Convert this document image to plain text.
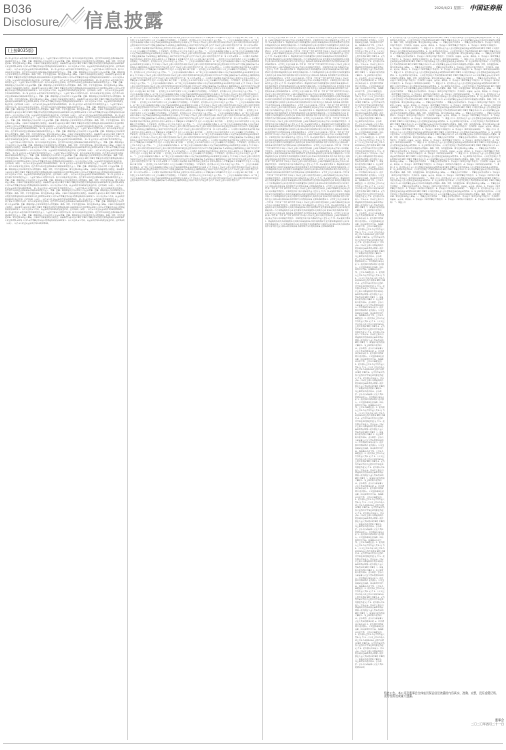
B036
Disclosure 信息披露
2020/4/21 星期二 中国证券报
(上接B035版)
第一节 重要提示 本报告摘要来自年度报告全文，为全面了解本公司的经营成果、财务状况及未来发展规划，投资者应当到证监会指定媒体仔细阅读年度报告全文。董事、监事、高级管理人员异议声明 公司全体董事、监事、高级管理人员保证年度报告内容的真实、准确、完整，不存在虚假记载、误导性陈述或重大遗漏，并承担个别和连带的法律责任。非标准审计意见提示 适用 不适用 董事会审议的报告期普通股利润分配预案或公积金转增股本预案 公司经本次董事会审议通过的普通股利润分配预案为：以公司总股本为基数，向全体股东每10股派发现金红利，送红股0股（含税），以资本公积金向全体股东每10股转增0股。 第一节 重要提示 本报告摘要来自年度报告全文，为全面了解本公司的经营成果、财务状况及未来发展规划，投资者应当到证监会指定媒体仔细阅读年度报告全文。董事、监事、高级管理人员异议声明 公司全体董事、监事、高级管理人员保证年度报告内容的真实、准确、完整，不存在虚假记载、误导性陈述或重大遗漏，并承担个别和连带的法律责任。非标准审计意见提示 适用 不适用 董事会审议的报告期普通股利润分配预案或公积金转增股本预案 公司经本次董事会审议通过的普通股利润分配预案为：以公司总股本为基数，向全体股东每10股派发现金红利，送红股0股（含税），以资本公积金向全体股东每10股转增0股。 第一节 重要提示 本报告摘要来自年度报告全文，为全面了解本公司的经营成果、财务状况及未来发展规划，投资者应当到证监会指定媒体仔细阅读年度报告全文。董事、监事、高级管理人员异议声明 公司全体董事、监事、高级管理人员保证年度报告内容的真实、准确、完整，不存在虚假记载、误导性陈述或重大遗漏，并承担个别和连带的法律责任。非标准审计意见提示 适用 不适用 董事会审议的报告期普通股利润分配预案或公积金转增股本预案 公司经本次董事会审议通过的普通股利润分配预案为：以公司总股本为基数，向全体股东每10股派发现金红利，送红股0股（含税），以资本公积金向全体股东每10股转增0股。 第一节 重要提示 本报告摘要来自年度报告全文，为全面了解本公司的经营成果、财务状况及未来发展规划，投资者应当到证监会指定媒体仔细阅读年度报告全文。董事、监事、高级管理人员异议声明 公司全体董事、监事、高级管理人员保证年度报告内容的真实、准确、完整，不存在虚假记载、误导性陈述或重大遗漏，并承担个别和连带的法律责任。非标准审计意见提示 适用 不适用 董事会审议的报告期普通股利润分配预案或公积金转增股本预案 公司经本次董事会审议通过的普通股利润分配预案为：以公司总股本为基数，向全体股东每10股派发现金红利，送红股0股（含税），以资本公积金向全体股东每10股转增0股。 第一节 重要提示 本报告摘要来自年度报告全文，为全面了解本公司的经营成果、财务状况及未来发展规划，投资者应当到证监会指定媒体仔细阅读年度报告全文。董事、监事、高级管理人员异议声明 公司全体董事、监事、高级管理人员保证年度报告内容的真实、准确、完整，不存在虚假记载、误导性陈述或重大遗漏，并承担个别和连带的法律责任。非标准审计意见提示 适用 不适用 董事会审议的报告期普通股利润分配预案或公积金转增股本预案 公司经本次董事会审议通过的普通股利润分配预案为：以公司总股本为基数，向全体股东每10股派发现金红利，送红股0股（含税），以资本公积金向全体股东每10股转增0股。 第一节 重要提示 本报告摘要来自年度报告全文，为全面了解本公司的经营成果、财务状况及未来发展规划，投资者应当到证监会指定媒体仔细阅读年度报告全文。董事、监事、高级管理人员异议声明 公司全体董事、监事、高级管理人员保证年度报告内容的真实、准确、完整，不存在虚假记载、误导性陈述或重大遗漏，并承担个别和连带的法律责任。非标准审计意见提示 适用 不适用 董事会审议的报告期普通股利润分配预案或公积金转增股本预案 公司经本次董事会审议通过的普通股利润分配预案为：以公司总股本为基数，向全体股东每10股派发现金红利，送红股0股（含税），以资本公积金向全体股东每10股转增0股。 第一节 重要提示 本报告摘要来自年度报告全文，为全面了解本公司的经营成果、财务状况及未来发展规划，投资者应当到证监会指定媒体仔细阅读年度报告全文。董事、监事、高级管理人员异议声明 公司全体董事、监事、高级管理人员保证年度报告内容的真实、准确、完整，不存在虚假记载、误导性陈述或重大遗漏，并承担个别和连带的法律责任。非标准审计意见提示 适用 不适用 董事会审议的报告期普通股利润分配预案或公积金转增股本预案 公司经本次董事会审议通过的普通股利润分配预案为：以公司总股本为基数，向全体股东每10股派发现金红利，送红股0股（含税），以资本公积金向全体股东每10股转增0股。 第一节 重要提示 本报告摘要来自年度报告全文，为全面了解本公司的经营成果、财务状况及未来发展规划，投资者应当到证监会指定媒体仔细阅读年度报告全文。董事、监事、高级管理人员异议声明 公司全体董事、监事、高级管理人员保证年度报告内容的真实、准确、完整，不存在虚假记载、误导性陈述或重大遗漏，并承担个别和连带的法律责任。非标准审计意见提示 适用 不适用 董事会审议的报告期普通股利润分配预案或公积金转增股本预案 公司经本次董事会审议通过的普通股利润分配预案为：以公司总股本为基数，向全体股东每10股派发现金红利，送红股0股（含税），以资本公积金向全体股东每10股转增0股。 第一节 重要提示 本报告摘要来自年度报告全文，为全面了解本公司的经营成果、财务状况及未来发展规划，投资者应当到证监会指定媒体仔细阅读年度报告全文。董事、监事、高级管理人员异议声明 公司全体董事、监事、高级管理人员保证年度报告内容的真实、准确、完整，不存在虚假记载、误导性陈述或重大遗漏，并承担个别和连带的法律责任。非标准审计意见提示 适用 不适用 董事会审议的报告期普通股利润分配预案或公积金转增股本预案 公司经本次董事会审议通过的普通股利润分配预案为：以公司总股本为基数，向全体股东每10股派发现金红利，送红股0股（含税），以资本公积金向全体股东每10股转增0股。 第一节 重要提示 本报告摘要来自年度报告全文，为全面了解本公司的经营成果、财务状况及未来发展规划，投资者应当到证监会指定媒体仔细阅读年度报告全文。董事、监事、高级管理人员异议声明 公司全体董事、监事、高级管理人员保证年度报告内容的真实、准确、完整，不存在虚假记载、误导性陈述或重大遗漏，并承担个别和连带的法律责任。非标准审计意见提示 适用 不适用 董事会审议的报告期普通股利润分配预案或公积金转增股本预案 公司经本次董事会审议通过的普通股利润分配预案为：以公司总股本为基数，向全体股东每10股派发现金红利，送红股0股（含税），以资本公积金向全体股东每10股转增0股。 第一节 重要提示 本报告摘要来自年度报告全文，为全面了解本公司的经营成果、财务状况及未来发展规划，投资者应当到证监会指定媒体仔细阅读年度报告全文。董事、监事、高级管理人员异议声明 公司全体董事、监事、高级管理人员保证年度报告内容的真实、准确、完整，不存在虚假记载、误导性陈述或重大遗漏，并承担个别和连带的法律责任。非标准审计意见提示 适用 不适用 董事会审议的报告期普通股利润分配预案或公积金转增股本预案 公司经本次董事会审议通过的普通股利润分配预案为：以公司总股本为基数，向全体股东每10股派发现金红利，送红股0股（含税），以资本公积金向全体股东每10股转增0股。 第一节 重要提示 本报告摘要来自年度报告全文，为全面了解本公司的经营成果、财务状况及未来发展规划，投资者应当到证监会指定媒体仔细阅读年度报告全文。董事、监事、高级管理人员异议声明 公司全体董事、监事、高级管理人员保证年度报告内容的真实、准确、完整，不存在虚假记载、误导性陈述或重大遗漏，并承担个别和连带的法律责任。非标准审计意见提示 适用 不适用 董事会审议的报告期普通股利润分配预案或公积金转增股本预案 公司经本次董事会审议通过的普通股利润分配预案为：以公司总股本为基数，向全体股东每10股派发现金红利，送红股0股（含税），以资本公积金向全体股东每10股转增0股。 第一节 重要提示 本报告摘要来自年度报告全文，为全面了解本公司的经营成果、财务状况及未来发展规划，投资者应当到证监会指定媒体仔细阅读年度报告全文。董事、监事、高级管理人员异议声明 公司全体董事、监事、高级管理人员保证年度报告内容的真实、准确、完整，不存在虚假记载、误导性陈述或重大遗漏，并承担个别和连带的法律责任。非标准审计意见提示 适用 不适用 董事会审议的报告期普通股利润分配预案或公积金转增股本预案 公司经本次董事会审议通过的普通股利润分配预案为：以公司总股本为基数，向全体股东每10股派发现金红利，送红股0股（含税），以资本公积金向全体股东每10股转增0股。 第一节 重要提示 本报告摘要来自年度报告全文，为全面了解本公司的经营成果、财务状况及未来发展规划，投资者应当到证监会指定媒体仔细阅读年度报告全文。董事、监事、高级管理人员异议声明 公司全体董事、监事、高级管理人员保证年度报告内容的真实、准确、完整，不存在虚假记载、误导性陈述或重大遗漏，并承担个别和连带的法律责任。非标准审计意见提示 适用 不适用 董事会审议的报告期普通股利润分配预案或公积金转增股本预案 公司经本次董事会审议通过的普通股利润分配预案为：以公司总股本为基数，向全体股东每10股派发现金红利，送红股0股（含税），以资本公积金向全体股东每10股转增0股。
第二节 公司基本情况 一、公司简介 股票简称 股票代码 股票上市交易所 联系人和联系方式 董事会秘书 证券事务代表 姓名 办公地址 电话 电子信箱 二、报告期主要业务或产品简介 公司主要从事相关产品的研发、生产和销售，报告期内公司主营业务未发生重大变化。三、主要会计数据和财务指标 1、近三年主要会计数据和财务指标 公司是否需追溯调整或重述以前年度会计数据 是 否 营业收入 归属于上市公司股东的净利润 归属于上市公司股东的扣除非经常性损益的净利润 经营活动产生的现金流量净额 基本每股收益 稀释每股收益 加权平均净资产收益率 总资产 归属于上市公司股东的净资产 第二节 公司基本情况 一、公司简介 股票简称 股票代码 股票上市交易所 联系人和联系方式 董事会秘书 证券事务代表 姓名 办公地址 电话 电子信箱 二、报告期主要业务或产品简介 公司主要从事相关产品的研发、生产和销售，报告期内公司主营业务未发生重大变化。三、主要会计数据和财务指标 1、近三年主要会计数据和财务指标 公司是否需追溯调整或重述以前年度会计数据 是 否 营业收入 归属于上市公司股东的净利润 归属于上市公司股东的扣除非经常性损益的净利润 经营活动产生的现金流量净额 基本每股收益 稀释每股收益 加权平均净资产收益率 总资产 归属于上市公司股东的净资产 第二节 公司基本情况 一、公司简介 股票简称 股票代码 股票上市交易所 联系人和联系方式 董事会秘书 证券事务代表 姓名 办公地址 电话 电子信箱 二、报告期主要业务或产品简介 公司主要从事相关产品的研发、生产和销售，报告期内公司主营业务未发生重大变化。三、主要会计数据和财务指标 1、近三年主要会计数据和财务指标 公司是否需追溯调整或重述以前年度会计数据 是 否 营业收入 归属于上市公司股东的净利润 归属于上市公司股东的扣除非经常性损益的净利润 经营活动产生的现金流量净额 基本每股收益 稀释每股收益 加权平均净资产收益率 总资产 归属于上市公司股东的净资产 第二节 公司基本情况 一、公司简介 股票简称 股票代码 股票上市交易所 联系人和联系方式 董事会秘书 证券事务代表 姓名 办公地址 电话 电子信箱 二、报告期主要业务或产品简介 公司主要从事相关产品的研发、生产和销售，报告期内公司主营业务未发生重大变化。三、主要会计数据和财务指标 1、近三年主要会计数据和财务指标 公司是否需追溯调整或重述以前年度会计数据 是 否 营业收入 归属于上市公司股东的净利润 归属于上市公司股东的扣除非经常性损益的净利润 经营活动产生的现金流量净额 基本每股收益 稀释每股收益 加权平均净资产收益率 总资产 归属于上市公司股东的净资产 第二节 公司基本情况 一、公司简介 股票简称 股票代码 股票上市交易所 联系人和联系方式 董事会秘书 证券事务代表 姓名 办公地址 电话 电子信箱 二、报告期主要业务或产品简介 公司主要从事相关产品的研发、生产和销售，报告期内公司主营业务未发生重大变化。三、主要会计数据和财务指标 1、近三年主要会计数据和财务指标 公司是否需追溯调整或重述以前年度会计数据 是 否 营业收入 归属于上市公司股东的净利润 归属于上市公司股东的扣除非经常性损益的净利润 经营活动产生的现金流量净额 基本每股收益 稀释每股收益 加权平均净资产收益率 总资产 归属于上市公司股东的净资产 第二节 公司基本情况 一、公司简介 股票简称 股票代码 股票上市交易所 联系人和联系方式 董事会秘书 证券事务代表 姓名 办公地址 电话 电子信箱 二、报告期主要业务或产品简介 公司主要从事相关产品的研发、生产和销售，报告期内公司主营业务未发生重大变化。三、主要会计数据和财务指标 1、近三年主要会计数据和财务指标 公司是否需追溯调整或重述以前年度会计数据 是 否 营业收入 归属于上市公司股东的净利润 归属于上市公司股东的扣除非经常性损益的净利润 经营活动产生的现金流量净额 基本每股收益 稀释每股收益 加权平均净资产收益率 总资产 归属于上市公司股东的净资产 第二节 公司基本情况 一、公司简介 股票简称 股票代码 股票上市交易所 联系人和联系方式 董事会秘书 证券事务代表 姓名 办公地址 电话 电子信箱 二、报告期主要业务或产品简介 公司主要从事相关产品的研发、生产和销售，报告期内公司主营业务未发生重大变化。三、主要会计数据和财务指标 1、近三年主要会计数据和财务指标 公司是否需追溯调整或重述以前年度会计数据 是 否 营业收入 归属于上市公司股东的净利润 归属于上市公司股东的扣除非经常性损益的净利润 经营活动产生的现金流量净额 基本每股收益 稀释每股收益 加权平均净资产收益率 总资产 归属于上市公司股东的净资产 第二节 公司基本情况 一、公司简介 股票简称 股票代码 股票上市交易所 联系人和联系方式 董事会秘书 证券事务代表 姓名 办公地址 电话 电子信箱 二、报告期主要业务或产品简介 公司主要从事相关产品的研发、生产和销售，报告期内公司主营业务未发生重大变化。三、主要会计数据和财务指标 1、近三年主要会计数据和财务指标 公司是否需追溯调整或重述以前年度会计数据 是 否 营业收入 归属于上市公司股东的净利润 归属于上市公司股东的扣除非经常性损益的净利润 经营活动产生的现金流量净额 基本每股收益 稀释每股收益 加权平均净资产收益率 总资产 归属于上市公司股东的净资产 第二节 公司基本情况 一、公司简介 股票简称 股票代码 股票上市交易所 联系人和联系方式 董事会秘书 证券事务代表 姓名 办公地址 电话 电子信箱 二、报告期主要业务或产品简介 公司主要从事相关产品的研发、生产和销售，报告期内公司主营业务未发生重大变化。三、主要会计数据和财务指标 1、近三年主要会计数据和财务指标 公司是否需追溯调整或重述以前年度会计数据 是 否 营业收入 归属于上市公司股东的净利润 归属于上市公司股东的扣除非经常性损益的净利润 经营活动产生的现金流量净额 基本每股收益 稀释每股收益 加权平均净资产收益率 总资产 归属于上市公司股东的净资产 第二节 公司基本情况 一、公司简介 股票简称 股票代码 股票上市交易所 联系人和联系方式 董事会秘书 证券事务代表 姓名 办公地址 电话 电子信箱 二、报告期主要业务或产品简介 公司主要从事相关产品的研发、生产和销售，报告期内公司主营业务未发生重大变化。三、主要会计数据和财务指标 1、近三年主要会计数据和财务指标 公司是否需追溯调整或重述以前年度会计数据 是 否 营业收入 归属于上市公司股东的净利润 归属于上市公司股东的扣除非经常性损益的净利润 经营活动产生的现金流量净额 基本每股收益 稀释每股收益 加权平均净资产收益率 总资产 归属于上市公司股东的净资产 第二节 公司基本情况 一、公司简介 股票简称 股票代码 股票上市交易所 联系人和联系方式 董事会秘书 证券事务代表 姓名 办公地址 电话 电子信箱 二、报告期主要业务或产品简介 公司主要从事相关产品的研发、生产和销售，报告期内公司主营业务未发生重大变化。三、主要会计数据和财务指标 1、近三年主要会计数据和财务指标 公司是否需追溯调整或重述以前年度会计数据 是 否 营业收入 归属于上市公司股东的净利润 归属于上市公司股东的扣除非经常性损益的净利润 经营活动产生的现金流量净额 基本每股收益 稀释每股收益 加权平均净资产收益率 总资产 归属于上市公司股东的净资产 第二节 公司基本情况 一、公司简介 股票简称 股票代码 股票上市交易所 联系人和联系方式 董事会秘书 证券事务代表 姓名 办公地址 电话 电子信箱 二、报告期主要业务或产品简介 公司主要从事相关产品的研发、生产和销售，报告期内公司主营业务未发生重大变化。三、主要会计数据和财务指标 1、近三年主要会计数据和财务指标 公司是否需追溯调整或重述以前年度会计数据 是 否 营业收入 归属于上市公司股东的净利润 归属于上市公司股东的扣除非经常性损益的净利润 经营活动产生的现金流量净额 基本每股收益 稀释每股收益 加权平均净资产收益率 总资产 归属于上市公司股东的净资产 第二节 公司基本情况 一、公司简介 股票简称 股票代码 股票上市交易所 联系人和联系方式 董事会秘书 证券事务代表 姓名 办公地址 电话 电子信箱 二、报告期主要业务或产品简介 公司主要从事相关产品的研发、生产和销售，报告期内公司主营业务未发生重大变化。三、主要会计数据和财务指标 1、近三年主要会计数据和财务指标 公司是否需追溯调整或重述以前年度会计数据 是 否 营业收入 归属于上市公司股东的净利润 归属于上市公司股东的扣除非经常性损益的净利润 经营活动产生的现金流量净额 基本每股收益 稀释每股收益 加权平均净资产收益率 总资产 归属于上市公司股东的净资产 第二节 公司基本情况 一、公司简介 股票简称 股票代码 股票上市交易所 联系人和联系方式 董事会秘书 证券事务代表 姓名 办公地址 电话 电子信箱 二、报告期主要业务或产品简介 公司主要从事相关产品的研发、生产和销售，报告期内公司主营业务未发生重大变化。三、主要会计数据和财务指标 1、近三年主要会计数据和财务指标 公司是否需追溯调整或重述以前年度会计数据 是 否 营业收入 归属于上市公司股东的净利润 归属于上市公司股东的扣除非经常性损益的净利润 经营活动产生的现金流量净额 基本每股收益 稀释每股收益 加权平均净资产收益率 总资产 归属于上市公司股东的净资产
2、分季度主要会计数据 第一季度 第二季度 第三季度 第四季度 营业收入 归属于上市公司股东的净利润 上述财务指标或其加总数是否与公司已披露季度报告、半年度报告相关财务指标存在重大差异 是 否 四、股本及股东情况 1、普通股股东和表决权恢复的优先股股东数量及前10名股东持股情况表 报告期末普通股股东总数 年度报告披露日前一个月末普通股股东总数 报告期末表决权恢复的优先股股东总数 前10名股东持股情况 股东名称 股东性质 持股比例 持股数量 持有有限售条件的股份数量 质押或冻结情况 2、分季度主要会计数据 第一季度 第二季度 第三季度 第四季度 营业收入 归属于上市公司股东的净利润 上述财务指标或其加总数是否与公司已披露季度报告、半年度报告相关财务指标存在重大差异 是 否 四、股本及股东情况 1、普通股股东和表决权恢复的优先股股东数量及前10名股东持股情况表 报告期末普通股股东总数 年度报告披露日前一个月末普通股股东总数 报告期末表决权恢复的优先股股东总数 前10名股东持股情况 股东名称 股东性质 持股比例 持股数量 持有有限售条件的股份数量 质押或冻结情况 2、分季度主要会计数据 第一季度 第二季度 第三季度 第四季度 营业收入 归属于上市公司股东的净利润 上述财务指标或其加总数是否与公司已披露季度报告、半年度报告相关财务指标存在重大差异 是 否 四、股本及股东情况 1、普通股股东和表决权恢复的优先股股东数量及前10名股东持股情况表 报告期末普通股股东总数 年度报告披露日前一个月末普通股股东总数 报告期末表决权恢复的优先股股东总数 前10名股东持股情况 股东名称 股东性质 持股比例 持股数量 持有有限售条件的股份数量 质押或冻结情况 2、分季度主要会计数据 第一季度 第二季度 第三季度 第四季度 营业收入 归属于上市公司股东的净利润 上述财务指标或其加总数是否与公司已披露季度报告、半年度报告相关财务指标存在重大差异 是 否 四、股本及股东情况 1、普通股股东和表决权恢复的优先股股东数量及前10名股东持股情况表 报告期末普通股股东总数 年度报告披露日前一个月末普通股股东总数 报告期末表决权恢复的优先股股东总数 前10名股东持股情况 股东名称 股东性质 持股比例 持股数量 持有有限售条件的股份数量 质押或冻结情况 2、分季度主要会计数据 第一季度 第二季度 第三季度 第四季度 营业收入 归属于上市公司股东的净利润 上述财务指标或其加总数是否与公司已披露季度报告、半年度报告相关财务指标存在重大差异 是 否 四、股本及股东情况 1、普通股股东和表决权恢复的优先股股东数量及前10名股东持股情况表 报告期末普通股股东总数 年度报告披露日前一个月末普通股股东总数 报告期末表决权恢复的优先股股东总数 前10名股东持股情况 股东名称 股东性质 持股比例 持股数量 持有有限售条件的股份数量 质押或冻结情况 2、分季度主要会计数据 第一季度 第二季度 第三季度 第四季度 营业收入 归属于上市公司股东的净利润 上述财务指标或其加总数是否与公司已披露季度报告、半年度报告相关财务指标存在重大差异 是 否 四、股本及股东情况 1、普通股股东和表决权恢复的优先股股东数量及前10名股东持股情况表 报告期末普通股股东总数 年度报告披露日前一个月末普通股股东总数 报告期末表决权恢复的优先股股东总数 前10名股东持股情况 股东名称 股东性质 持股比例 持股数量 持有有限售条件的股份数量 质押或冻结情况 2、分季度主要会计数据 第一季度 第二季度 第三季度 第四季度 营业收入 归属于上市公司股东的净利润 上述财务指标或其加总数是否与公司已披露季度报告、半年度报告相关财务指标存在重大差异 是 否 四、股本及股东情况 1、普通股股东和表决权恢复的优先股股东数量及前10名股东持股情况表 报告期末普通股股东总数 年度报告披露日前一个月末普通股股东总数 报告期末表决权恢复的优先股股东总数 前10名股东持股情况 股东名称 股东性质 持股比例 持股数量 持有有限售条件的股份数量 质押或冻结情况 2、分季度主要会计数据 第一季度 第二季度 第三季度 第四季度 营业收入 归属于上市公司股东的净利润 上述财务指标或其加总数是否与公司已披露季度报告、半年度报告相关财务指标存在重大差异 是 否 四、股本及股东情况 1、普通股股东和表决权恢复的优先股股东数量及前10名股东持股情况表 报告期末普通股股东总数 年度报告披露日前一个月末普通股股东总数 报告期末表决权恢复的优先股股东总数 前10名股东持股情况 股东名称 股东性质 持股比例 持股数量 持有有限售条件的股份数量 质押或冻结情况 2、分季度主要会计数据 第一季度 第二季度 第三季度 第四季度 营业收入 归属于上市公司股东的净利润 上述财务指标或其加总数是否与公司已披露季度报告、半年度报告相关财务指标存在重大差异 是 否 四、股本及股东情况 1、普通股股东和表决权恢复的优先股股东数量及前10名股东持股情况表 报告期末普通股股东总数 年度报告披露日前一个月末普通股股东总数 报告期末表决权恢复的优先股股东总数 前10名股东持股情况 股东名称 股东性质 持股比例 持股数量 持有有限售条件的股份数量 质押或冻结情况 2、分季度主要会计数据 第一季度 第二季度 第三季度 第四季度 营业收入 归属于上市公司股东的净利润 上述财务指标或其加总数是否与公司已披露季度报告、半年度报告相关财务指标存在重大差异 是 否 四、股本及股东情况 1、普通股股东和表决权恢复的优先股股东数量及前10名股东持股情况表 报告期末普通股股东总数 年度报告披露日前一个月末普通股股东总数 报告期末表决权恢复的优先股股东总数 前10名股东持股情况 股东名称 股东性质 持股比例 持股数量 持有有限售条件的股份数量 质押或冻结情况 2、分季度主要会计数据 第一季度 第二季度 第三季度 第四季度 营业收入 归属于上市公司股东的净利润 上述财务指标或其加总数是否与公司已披露季度报告、半年度报告相关财务指标存在重大差异 是 否 四、股本及股东情况 1、普通股股东和表决权恢复的优先股股东数量及前10名股东持股情况表 报告期末普通股股东总数 年度报告披露日前一个月末普通股股东总数 报告期末表决权恢复的优先股股东总数 前10名股东持股情况 股东名称 股东性质 持股比例 持股数量 持有有限售条件的股份数量 质押或冻结情况 2、分季度主要会计数据 第一季度 第二季度 第三季度 第四季度 营业收入 归属于上市公司股东的净利润 上述财务指标或其加总数是否与公司已披露季度报告、半年度报告相关财务指标存在重大差异 是 否 四、股本及股东情况 1、普通股股东和表决权恢复的优先股股东数量及前10名股东持股情况表 报告期末普通股股东总数 年度报告披露日前一个月末普通股股东总数 报告期末表决权恢复的优先股股东总数 前10名股东持股情况 股东名称 股东性质 持股比例 持股数量 持有有限售条件的股份数量 质押或冻结情况 2、分季度主要会计数据 第一季度 第二季度 第三季度 第四季度 营业收入 归属于上市公司股东的净利润 上述财务指标或其加总数是否与公司已披露季度报告、半年度报告相关财务指标存在重大差异 是 否 四、股本及股东情况 1、普通股股东和表决权恢复的优先股股东数量及前10名股东持股情况表 报告期末普通股股东总数 年度报告披露日前一个月末普通股股东总数 报告期末表决权恢复的优先股股东总数 前10名股东持股情况 股东名称 股东性质 持股比例 持股数量 持有有限售条件的股份数量 质押或冻结情况 2、分季度主要会计数据 第一季度 第二季度 第三季度 第四季度 营业收入 归属于上市公司股东的净利润 上述财务指标或其加总数是否与公司已披露季度报告、半年度报告相关财务指标存在重大差异 是 否 四、股本及股东情况 1、普通股股东和表决权恢复的优先股股东数量及前10名股东持股情况表 报告期末普通股股东总数 年度报告披露日前一个月末普通股股东总数 报告期末表决权恢复的优先股股东总数 前10名股东持股情况 股东名称 股东性质 持股比例 持股数量 持有有限售条件的股份数量 质押或冻结情况
五、经营情况讨论与分析 1、报告期经营情况简介 报告期内，公司坚持既定发展战略，围绕年度经营目标，持续推进各项工作，主营业务稳健发展。2、报告期内主营业务是否存在重大变化 是 否 3、占公司主营业务收入或主营业务利润10%以上的产品情况 适用 不适用 4、是否存在需要特别关注的经营季节性或周期性特征 是 否 5、报告期内营业收入、营业成本、归属于上市公司普通股股东的净利润总额或者构成较前一报告期发生重大变化的说明 适用 不适用 六、涉及财务报告的相关事项 1、与上年度财务报告相比，会计政策、会计估计和核算方法发生变化的情况说明 五、经营情况讨论与分析 1、报告期经营情况简介 报告期内，公司坚持既定发展战略，围绕年度经营目标，持续推进各项工作，主营业务稳健发展。2、报告期内主营业务是否存在重大变化 是 否 3、占公司主营业务收入或主营业务利润10%以上的产品情况 适用 不适用 4、是否存在需要特别关注的经营季节性或周期性特征 是 否 5、报告期内营业收入、营业成本、归属于上市公司普通股股东的净利润总额或者构成较前一报告期发生重大变化的说明 适用 不适用 六、涉及财务报告的相关事项 1、与上年度财务报告相比，会计政策、会计估计和核算方法发生变化的情况说明 五、经营情况讨论与分析 1、报告期经营情况简介 报告期内，公司坚持既定发展战略，围绕年度经营目标，持续推进各项工作，主营业务稳健发展。2、报告期内主营业务是否存在重大变化 是 否 3、占公司主营业务收入或主营业务利润10%以上的产品情况 适用 不适用 4、是否存在需要特别关注的经营季节性或周期性特征 是 否 5、报告期内营业收入、营业成本、归属于上市公司普通股股东的净利润总额或者构成较前一报告期发生重大变化的说明 适用 不适用 六、涉及财务报告的相关事项 1、与上年度财务报告相比，会计政策、会计估计和核算方法发生变化的情况说明 五、经营情况讨论与分析 1、报告期经营情况简介 报告期内，公司坚持既定发展战略，围绕年度经营目标，持续推进各项工作，主营业务稳健发展。2、报告期内主营业务是否存在重大变化 是 否 3、占公司主营业务收入或主营业务利润10%以上的产品情况 适用 不适用 4、是否存在需要特别关注的经营季节性或周期性特征 是 否 5、报告期内营业收入、营业成本、归属于上市公司普通股股东的净利润总额或者构成较前一报告期发生重大变化的说明 适用 不适用 六、涉及财务报告的相关事项 1、与上年度财务报告相比，会计政策、会计估计和核算方法发生变化的情况说明 五、经营情况讨论与分析 1、报告期经营情况简介 报告期内，公司坚持既定发展战略，围绕年度经营目标，持续推进各项工作，主营业务稳健发展。2、报告期内主营业务是否存在重大变化 是 否 3、占公司主营业务收入或主营业务利润10%以上的产品情况 适用 不适用 4、是否存在需要特别关注的经营季节性或周期性特征 是 否 5、报告期内营业收入、营业成本、归属于上市公司普通股股东的净利润总额或者构成较前一报告期发生重大变化的说明 适用 不适用 六、涉及财务报告的相关事项 1、与上年度财务报告相比，会计政策、会计估计和核算方法发生变化的情况说明 五、经营情况讨论与分析 1、报告期经营情况简介 报告期内，公司坚持既定发展战略，围绕年度经营目标，持续推进各项工作，主营业务稳健发展。2、报告期内主营业务是否存在重大变化 是 否 3、占公司主营业务收入或主营业务利润10%以上的产品情况 适用 不适用 4、是否存在需要特别关注的经营季节性或周期性特征 是 否 5、报告期内营业收入、营业成本、归属于上市公司普通股股东的净利润总额或者构成较前一报告期发生重大变化的说明 适用 不适用 六、涉及财务报告的相关事项 1、与上年度财务报告相比，会计政策、会计估计和核算方法发生变化的情况说明 五、经营情况讨论与分析 1、报告期经营情况简介 报告期内，公司坚持既定发展战略，围绕年度经营目标，持续推进各项工作，主营业务稳健发展。2、报告期内主营业务是否存在重大变化 是 否 3、占公司主营业务收入或主营业务利润10%以上的产品情况 适用 不适用 4、是否存在需要特别关注的经营季节性或周期性特征 是 否 5、报告期内营业收入、营业成本、归属于上市公司普通股股东的净利润总额或者构成较前一报告期发生重大变化的说明 适用 不适用 六、涉及财务报告的相关事项 1、与上年度财务报告相比，会计政策、会计估计和核算方法发生变化的情况说明 五、经营情况讨论与分析 1、报告期经营情况简介 报告期内，公司坚持既定发展战略，围绕年度经营目标，持续推进各项工作，主营业务稳健发展。2、报告期内主营业务是否存在重大变化 是 否 3、占公司主营业务收入或主营业务利润10%以上的产品情况 适用 不适用 4、是否存在需要特别关注的经营季节性或周期性特征 是 否 5、报告期内营业收入、营业成本、归属于上市公司普通股股东的净利润总额或者构成较前一报告期发生重大变化的说明 适用 不适用 六、涉及财务报告的相关事项 1、与上年度财务报告相比，会计政策、会计估计和核算方法发生变化的情况说明 五、经营情况讨论与分析 1、报告期经营情况简介 报告期内，公司坚持既定发展战略，围绕年度经营目标，持续推进各项工作，主营业务稳健发展。2、报告期内主营业务是否存在重大变化 是 否 3、占公司主营业务收入或主营业务利润10%以上的产品情况 适用 不适用 4、是否存在需要特别关注的经营季节性或周期性特征 是 否 5、报告期内营业收入、营业成本、归属于上市公司普通股股东的净利润总额或者构成较前一报告期发生重大变化的说明 适用 不适用 六、涉及财务报告的相关事项 1、与上年度财务报告相比，会计政策、会计估计和核算方法发生变化的情况说明 五、经营情况讨论与分析 1、报告期经营情况简介 报告期内，公司坚持既定发展战略，围绕年度经营目标，持续推进各项工作，主营业务稳健发展。2、报告期内主营业务是否存在重大变化 是 否 3、占公司主营业务收入或主营业务利润10%以上的产品情况 适用 不适用 4、是否存在需要特别关注的经营季节性或周期性特征 是 否 5、报告期内营业收入、营业成本、归属于上市公司普通股股东的净利润总额或者构成较前一报告期发生重大变化的说明 适用 不适用 六、涉及财务报告的相关事项 1、与上年度财务报告相比，会计政策、会计估计和核算方法发生变化的情况说明 五、经营情况讨论与分析 1、报告期经营情况简介 报告期内，公司坚持既定发展战略，围绕年度经营目标，持续推进各项工作，主营业务稳健发展。2、报告期内主营业务是否存在重大变化 是 否 3、占公司主营业务收入或主营业务利润10%以上的产品情况 适用 不适用 4、是否存在需要特别关注的经营季节性或周期性特征 是 否 5、报告期内营业收入、营业成本、归属于上市公司普通股股东的净利润总额或者构成较前一报告期发生重大变化的说明 适用 不适用 六、涉及财务报告的相关事项 1、与上年度财务报告相比，会计政策、会计估计和核算方法发生变化的情况说明 五、经营情况讨论与分析 1、报告期经营情况简介 报告期内，公司坚持既定发展战略，围绕年度经营目标，持续推进各项工作，主营业务稳健发展。2、报告期内主营业务是否存在重大变化 是 否 3、占公司主营业务收入或主营业务利润10%以上的产品情况 适用 不适用 4、是否存在需要特别关注的经营季节性或周期性特征 是 否 5、报告期内营业收入、营业成本、归属于上市公司普通股股东的净利润总额或者构成较前一报告期发生重大变化的说明 适用 不适用 六、涉及财务报告的相关事项 1、与上年度财务报告相比，会计政策、会计估计和核算方法发生变化的情况说明 五、经营情况讨论与分析 1、报告期经营情况简介 报告期内，公司坚持既定发展战略，围绕年度经营目标，持续推进各项工作，主营业务稳健发展。2、报告期内主营业务是否存在重大变化 是 否 3、占公司主营业务收入或主营业务利润10%以上的产品情况 适用 不适用 4、是否存在需要特别关注的经营季节性或周期性特征 是 否 5、报告期内营业收入、营业成本、归属于上市公司普通股股东的净利润总额或者构成较前一报告期发生重大变化的说明 适用 不适用 六、涉及财务报告的相关事项 1、与上年度财务报告相比，会计政策、会计估计和核算方法发生变化的情况说明 五、经营情况讨论与分析 1、报告期经营情况简介 报告期内，公司坚持既定发展战略，围绕年度经营目标，持续推进各项工作，主营业务稳健发展。2、报告期内主营业务是否存在重大变化 是 否 3、占公司主营业务收入或主营业务利润10%以上的产品情况 适用 不适用 4、是否存在需要特别关注的经营季节性或周期性特征 是 否 5、报告期内营业收入、营业成本、归属于上市公司普通股股东的净利润总额或者构成较前一报告期发生重大变化的说明 适用 不适用 六、涉及财务报告的相关事项 1、与上年度财务报告相比，会计政策、会计估计和核算方法发生变化的情况说明
2、报告期内发生重大会计差错更正需追溯重述的情况说明 适用 不适用 公司报告期无重大会计差错更正需追溯重述的情况。3、与上年度财务报告相比，合并报表范围发生变化的情况说明 适用 不适用 董事会决议公告 本公司及董事会全体成员保证信息披露的内容真实、准确、完整，没有虚假记载、误导性陈述或重大遗漏。一、董事会会议召开情况 二、董事会会议审议情况 1、审议通过《年度总经理工作报告》 表决结果：同意票，反对票，弃权票。2、审议通过《年度董事会工作报告》 3、审议通过《年度财务决算报告》 4、审议通过《年度利润分配预案》 三、备查文件 2、报告期内发生重大会计差错更正需追溯重述的情况说明 适用 不适用 公司报告期无重大会计差错更正需追溯重述的情况。3、与上年度财务报告相比，合并报表范围发生变化的情况说明 适用 不适用 董事会决议公告 本公司及董事会全体成员保证信息披露的内容真实、准确、完整，没有虚假记载、误导性陈述或重大遗漏。一、董事会会议召开情况 二、董事会会议审议情况 1、审议通过《年度总经理工作报告》 表决结果：同意票，反对票，弃权票。2、审议通过《年度董事会工作报告》 3、审议通过《年度财务决算报告》 4、审议通过《年度利润分配预案》 三、备查文件 2、报告期内发生重大会计差错更正需追溯重述的情况说明 适用 不适用 公司报告期无重大会计差错更正需追溯重述的情况。3、与上年度财务报告相比，合并报表范围发生变化的情况说明 适用 不适用 董事会决议公告 本公司及董事会全体成员保证信息披露的内容真实、准确、完整，没有虚假记载、误导性陈述或重大遗漏。一、董事会会议召开情况 二、董事会会议审议情况 1、审议通过《年度总经理工作报告》 表决结果：同意票，反对票，弃权票。2、审议通过《年度董事会工作报告》 3、审议通过《年度财务决算报告》 4、审议通过《年度利润分配预案》 三、备查文件 2、报告期内发生重大会计差错更正需追溯重述的情况说明 适用 不适用 公司报告期无重大会计差错更正需追溯重述的情况。3、与上年度财务报告相比，合并报表范围发生变化的情况说明 适用 不适用 董事会决议公告 本公司及董事会全体成员保证信息披露的内容真实、准确、完整，没有虚假记载、误导性陈述或重大遗漏。一、董事会会议召开情况 二、董事会会议审议情况 1、审议通过《年度总经理工作报告》 表决结果：同意票，反对票，弃权票。2、审议通过《年度董事会工作报告》 3、审议通过《年度财务决算报告》 4、审议通过《年度利润分配预案》 三、备查文件 2、报告期内发生重大会计差错更正需追溯重述的情况说明 适用 不适用 公司报告期无重大会计差错更正需追溯重述的情况。3、与上年度财务报告相比，合并报表范围发生变化的情况说明 适用 不适用 董事会决议公告 本公司及董事会全体成员保证信息披露的内容真实、准确、完整，没有虚假记载、误导性陈述或重大遗漏。一、董事会会议召开情况 二、董事会会议审议情况 1、审议通过《年度总经理工作报告》 表决结果：同意票，反对票，弃权票。2、审议通过《年度董事会工作报告》 3、审议通过《年度财务决算报告》 4、审议通过《年度利润分配预案》 三、备查文件 2、报告期内发生重大会计差错更正需追溯重述的情况说明 适用 不适用 公司报告期无重大会计差错更正需追溯重述的情况。3、与上年度财务报告相比，合并报表范围发生变化的情况说明 适用 不适用 董事会决议公告 本公司及董事会全体成员保证信息披露的内容真实、准确、完整，没有虚假记载、误导性陈述或重大遗漏。一、董事会会议召开情况 二、董事会会议审议情况 1、审议通过《年度总经理工作报告》 表决结果：同意票，反对票，弃权票。2、审议通过《年度董事会工作报告》 3、审议通过《年度财务决算报告》 4、审议通过《年度利润分配预案》 三、备查文件 2、报告期内发生重大会计差错更正需追溯重述的情况说明 适用 不适用 公司报告期无重大会计差错更正需追溯重述的情况。3、与上年度财务报告相比，合并报表范围发生变化的情况说明 适用 不适用 董事会决议公告 本公司及董事会全体成员保证信息披露的内容真实、准确、完整，没有虚假记载、误导性陈述或重大遗漏。一、董事会会议召开情况 二、董事会会议审议情况 1、审议通过《年度总经理工作报告》 表决结果：同意票，反对票，弃权票。2、审议通过《年度董事会工作报告》 3、审议通过《年度财务决算报告》 4、审议通过《年度利润分配预案》 三、备查文件 2、报告期内发生重大会计差错更正需追溯重述的情况说明 适用 不适用 公司报告期无重大会计差错更正需追溯重述的情况。3、与上年度财务报告相比，合并报表范围发生变化的情况说明 适用 不适用 董事会决议公告 本公司及董事会全体成员保证信息披露的内容真实、准确、完整，没有虚假记载、误导性陈述或重大遗漏。一、董事会会议召开情况 二、董事会会议审议情况 1、审议通过《年度总经理工作报告》 表决结果：同意票，反对票，弃权票。2、审议通过《年度董事会工作报告》 3、审议通过《年度财务决算报告》 4、审议通过《年度利润分配预案》 三、备查文件 2、报告期内发生重大会计差错更正需追溯重述的情况说明 适用 不适用 公司报告期无重大会计差错更正需追溯重述的情况。3、与上年度财务报告相比，合并报表范围发生变化的情况说明 适用 不适用 董事会决议公告 本公司及董事会全体成员保证信息披露的内容真实、准确、完整，没有虚假记载、误导性陈述或重大遗漏。一、董事会会议召开情况 二、董事会会议审议情况 1、审议通过《年度总经理工作报告》 表决结果：同意票，反对票，弃权票。2、审议通过《年度董事会工作报告》 3、审议通过《年度财务决算报告》 4、审议通过《年度利润分配预案》 三、备查文件 2、报告期内发生重大会计差错更正需追溯重述的情况说明 适用 不适用 公司报告期无重大会计差错更正需追溯重述的情况。3、与上年度财务报告相比，合并报表范围发生变化的情况说明 适用 不适用 董事会决议公告 本公司及董事会全体成员保证信息披露的内容真实、准确、完整，没有虚假记载、误导性陈述或重大遗漏。一、董事会会议召开情况 二、董事会会议审议情况 1、审议通过《年度总经理工作报告》 表决结果：同意票，反对票，弃权票。2、审议通过《年度董事会工作报告》 3、审议通过《年度财务决算报告》 4、审议通过《年度利润分配预案》 三、备查文件 2、报告期内发生重大会计差错更正需追溯重述的情况说明 适用 不适用 公司报告期无重大会计差错更正需追溯重述的情况。3、与上年度财务报告相比，合并报表范围发生变化的情况说明 适用 不适用 董事会决议公告 本公司及董事会全体成员保证信息披露的内容真实、准确、完整，没有虚假记载、误导性陈述或重大遗漏。一、董事会会议召开情况 二、董事会会议审议情况 1、审议通过《年度总经理工作报告》 表决结果：同意票，反对票，弃权票。2、审议通过《年度董事会工作报告》 3、审议通过《年度财务决算报告》 4、审议通过《年度利润分配预案》 三、备查文件 2、报告期内发生重大会计差错更正需追溯重述的情况说明 适用 不适用 公司报告期无重大会计差错更正需追溯重述的情况。3、与上年度财务报告相比，合并报表范围发生变化的情况说明 适用 不适用 董事会决议公告 本公司及董事会全体成员保证信息披露的内容真实、准确、完整，没有虚假记载、误导性陈述或重大遗漏。一、董事会会议召开情况 二、董事会会议审议情况 1、审议通过《年度总经理工作报告》 表决结果：同意票，反对票，弃权票。2、审议通过《年度董事会工作报告》 3、审议通过《年度财务决算报告》 4、审议通过《年度利润分配预案》 三、备查文件 2、报告期内发生重大会计差错更正需追溯重述的情况说明 适用 不适用 公司报告期无重大会计差错更正需追溯重述的情况。3、与上年度财务报告相比，合并报表范围发生变化的情况说明 适用 不适用 董事会决议公告 本公司及董事会全体成员保证信息披露的内容真实、准确、完整，没有虚假记载、误导性陈述或重大遗漏。一、董事会会议召开情况 二、董事会会议审议情况 1、审议通过《年度总经理工作报告》 表决结果：同意票，反对票，弃权票。2、审议通过《年度董事会工作报告》 3、审议通过《年度财务决算报告》 4、审议通过《年度利润分配预案》 三、备查文件 2、报告期内发生重大会计差错更正需追溯重述的情况说明 适用 不适用 公司报告期无重大会计差错更正需追溯重述的情况。3、与上年度财务报告相比，合并报表范围发生变化的情况说明 适用 不适用 董事会决议公告 本公司及董事会全体成员保证信息披露的内容真实、准确、完整，没有虚假记载、误导性陈述或重大遗漏。一、董事会会议召开情况 二、董事会会议审议情况 1、审议通过《年度总经理工作报告》 表决结果：同意票，反对票，弃权票。2、审议通过《年度董事会工作报告》 3、审议通过《年度财务决算报告》 4、审议通过《年度利润分配预案》 三、备查文件
特此公告。本公司及董事会全体成员保证信息披露的内容真实、准确、完整，没有虚假记载、误导性陈述或重大遗漏。
董事会
二〇二〇年四月二十一日
